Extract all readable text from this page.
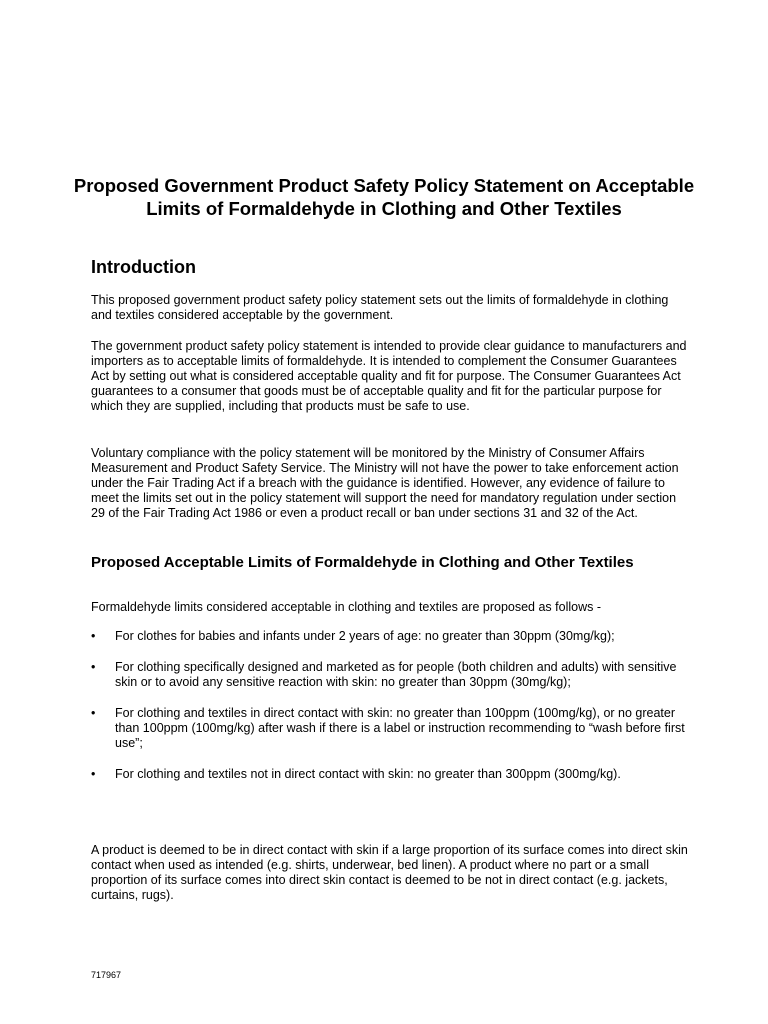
Proposed Government Product Safety Policy Statement on Acceptable Limits of Formaldehyde in Clothing and Other Textiles
Introduction
This proposed government product safety policy statement sets out the limits of formaldehyde in clothing and textiles considered acceptable by the government.
The government product safety policy statement is intended to provide clear guidance to manufacturers and importers as to acceptable limits of formaldehyde. It is intended to complement the Consumer Guarantees Act by setting out what is considered acceptable quality and fit for purpose. The Consumer Guarantees Act guarantees to a consumer that goods must be of acceptable quality and fit for the particular purpose for which they are supplied, including that products must be safe to use.
Voluntary compliance with the policy statement will be monitored by the Ministry of Consumer Affairs Measurement and Product Safety Service. The Ministry will not have the power to take enforcement action under the Fair Trading Act if a breach with the guidance is identified. However, any evidence of failure to meet the limits set out in the policy statement will support the need for mandatory regulation under section 29 of the Fair Trading Act 1986 or even a product recall or ban under sections 31 and 32 of the Act.
Proposed Acceptable Limits of Formaldehyde in Clothing and Other Textiles
Formaldehyde limits considered acceptable in clothing and textiles are proposed as follows -
• For clothes for babies and infants under 2 years of age: no greater than 30ppm (30mg/kg);
• For clothing specifically designed and marketed as for people (both children and adults) with sensitive skin or to avoid any sensitive reaction with skin: no greater than 30ppm (30mg/kg);
• For clothing and textiles in direct contact with skin: no greater than 100ppm (100mg/kg), or no greater than 100ppm (100mg/kg) after wash if there is a label or instruction recommending to “wash before first use”;
• For clothing and textiles not in direct contact with skin: no greater than 300ppm (300mg/kg).
A product is deemed to be in direct contact with skin if a large proportion of its surface comes into direct skin contact when used as intended (e.g. shirts, underwear, bed linen). A product where no part or a small proportion of its surface comes into direct skin contact is deemed to be not in direct contact (e.g. jackets, curtains, rugs).
717967
